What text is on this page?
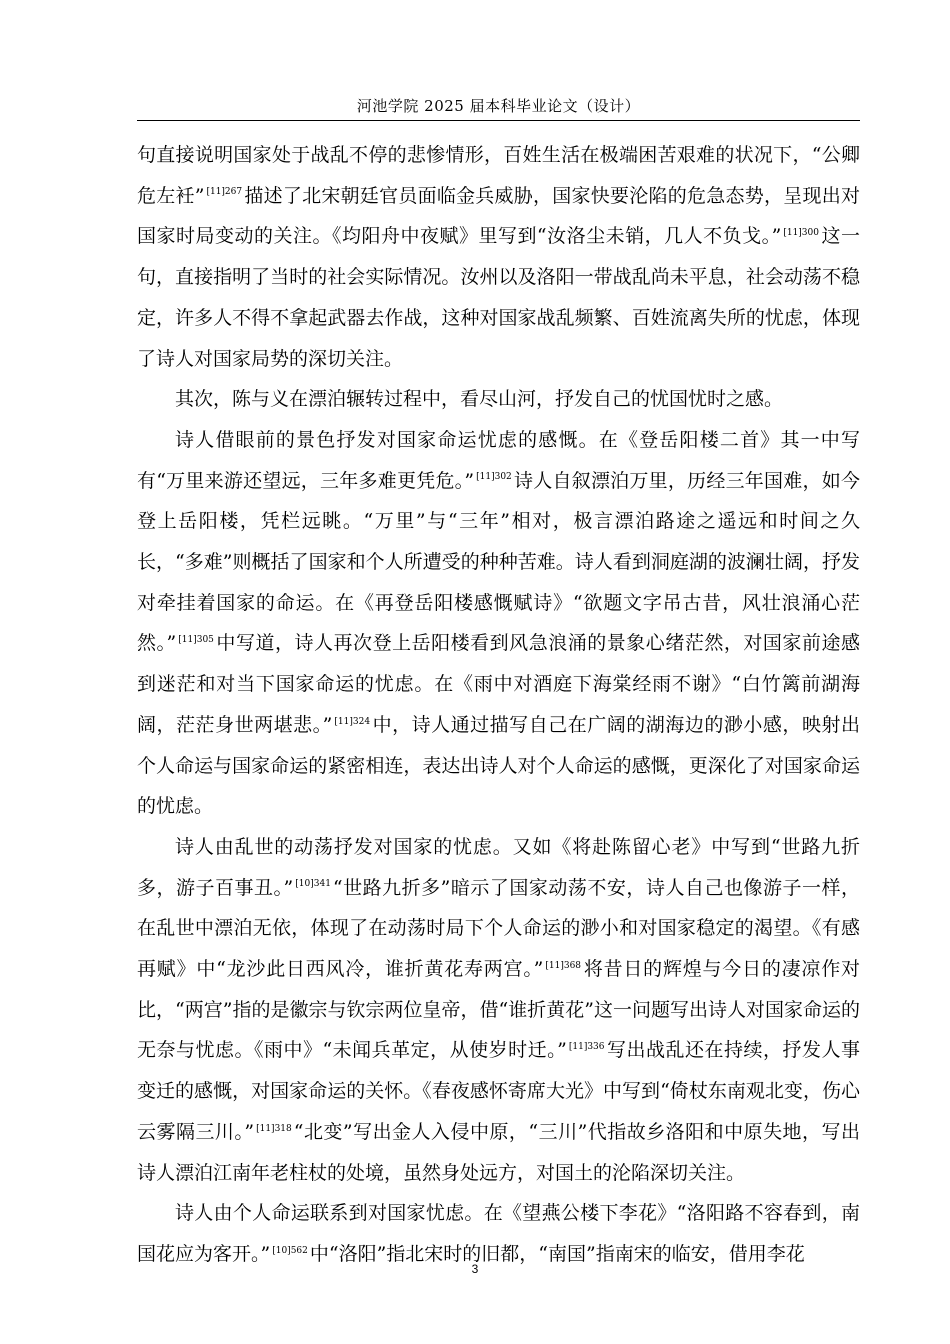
河池学院 2025 届本科毕业论文（设计）

句直接说明国家处于战乱不停的悲惨情形，百姓生活在极端困苦艰难的状况下，“公卿危左衽” $^{[11]267}$ 描述了北宋朝廷官员面临金兵威胁，国家快要沦陷的危急态势，呈现出对国家时局变动的关注。《均阳舟中夜赋》里写到“汝洛尘未销，几人不负戈。” $^{[11]300}$ 这一句，直接指明了当时的社会实际情况。汝州以及洛阳一带战乱尚未平息，社会动荡不稳定，许多人不得不拿起武器去作战，这种对国家战乱频繁、百姓流离失所的忧虑，体现了诗人对国家局势的深切关注。

其次，陈与义在漂泊辗转过程中，看尽山河，抒发自己的忧国忧时之感。

诗人借眼前的景色抒发对国家命运忧虑的感慨。在《登岳阳楼二首》其一中写有“万里来游还望远，三年多难更凭危。” $^{[11]302}$ 诗人自叙漂泊万里，历经三年国难，如今登上岳阳楼，凭栏远眺。“万里”与“三年”相对，极言漂泊路途之遥远和时间之久长，“多难”则概括了国家和个人所遭受的种种苦难。诗人看到洞庭湖的波澜壮阔，抒发对牵挂着国家的命运。在《再登岳阳楼感慨赋诗》“欲题文字吊古昔，风壮浪涌心茫然。” $^{[11]305}$ 中写道，诗人再次登上岳阳楼看到风急浪涌的景象心绪茫然，对国家前途感到迷茫和对当下国家命运的忧虑。在《雨中对酒庭下海棠经雨不谢》“白竹篱前湖海阔，茫茫身世两堪悲。” $^{[11]324}$ 中，诗人通过描写自己在广阔的湖海边的渺小感，映射出个人命运与国家命运的紧密相连，表达出诗人对个人命运的感慨，更深化了对国家命运的忧虑。

诗人由乱世的动荡抒发对国家的忧虑。又如《将赴陈留心老》中写到“世路九折多，游子百事丑。” $^{[10]341}$ “世路九折多”暗示了国家动荡不安，诗人自己也像游子一样，在乱世中漂泊无依，体现了在动荡时局下个人命运的渺小和对国家稳定的渴望。《有感再赋》中“龙沙此日西风冷，谁折黄花寿两宫。” $^{[11]368}$ 将昔日的辉煌与今日的凄凉作对比，“两宫”指的是徽宗与钦宗两位皇帝，借“谁折黄花”这一问题写出诗人对国家命运的无奈与忧虑。《雨中》“未闻兵革定，从使岁时迁。” $^{[11]336}$ 写出战乱还在持续，抒发人事变迁的感慨，对国家命运的关怀。《春夜感怀寄席大光》中写到“倚杖东南观北变，伤心云雾隔三川。” $^{[11]318}$ “北变”写出金人入侵中原，“三川”代指故乡洛阳和中原失地，写出诗人漂泊江南年老柱杖的处境，虽然身处远方，对国土的沦陷深切关注。

诗人由个人命运联系到对国家忧虑。在《望燕公楼下李花》“洛阳路不容春到，南国花应为客开。” $^{[10]562}$ 中“洛阳”指北宋时的旧都，“南国”指南宋的临安，借用李花

3
